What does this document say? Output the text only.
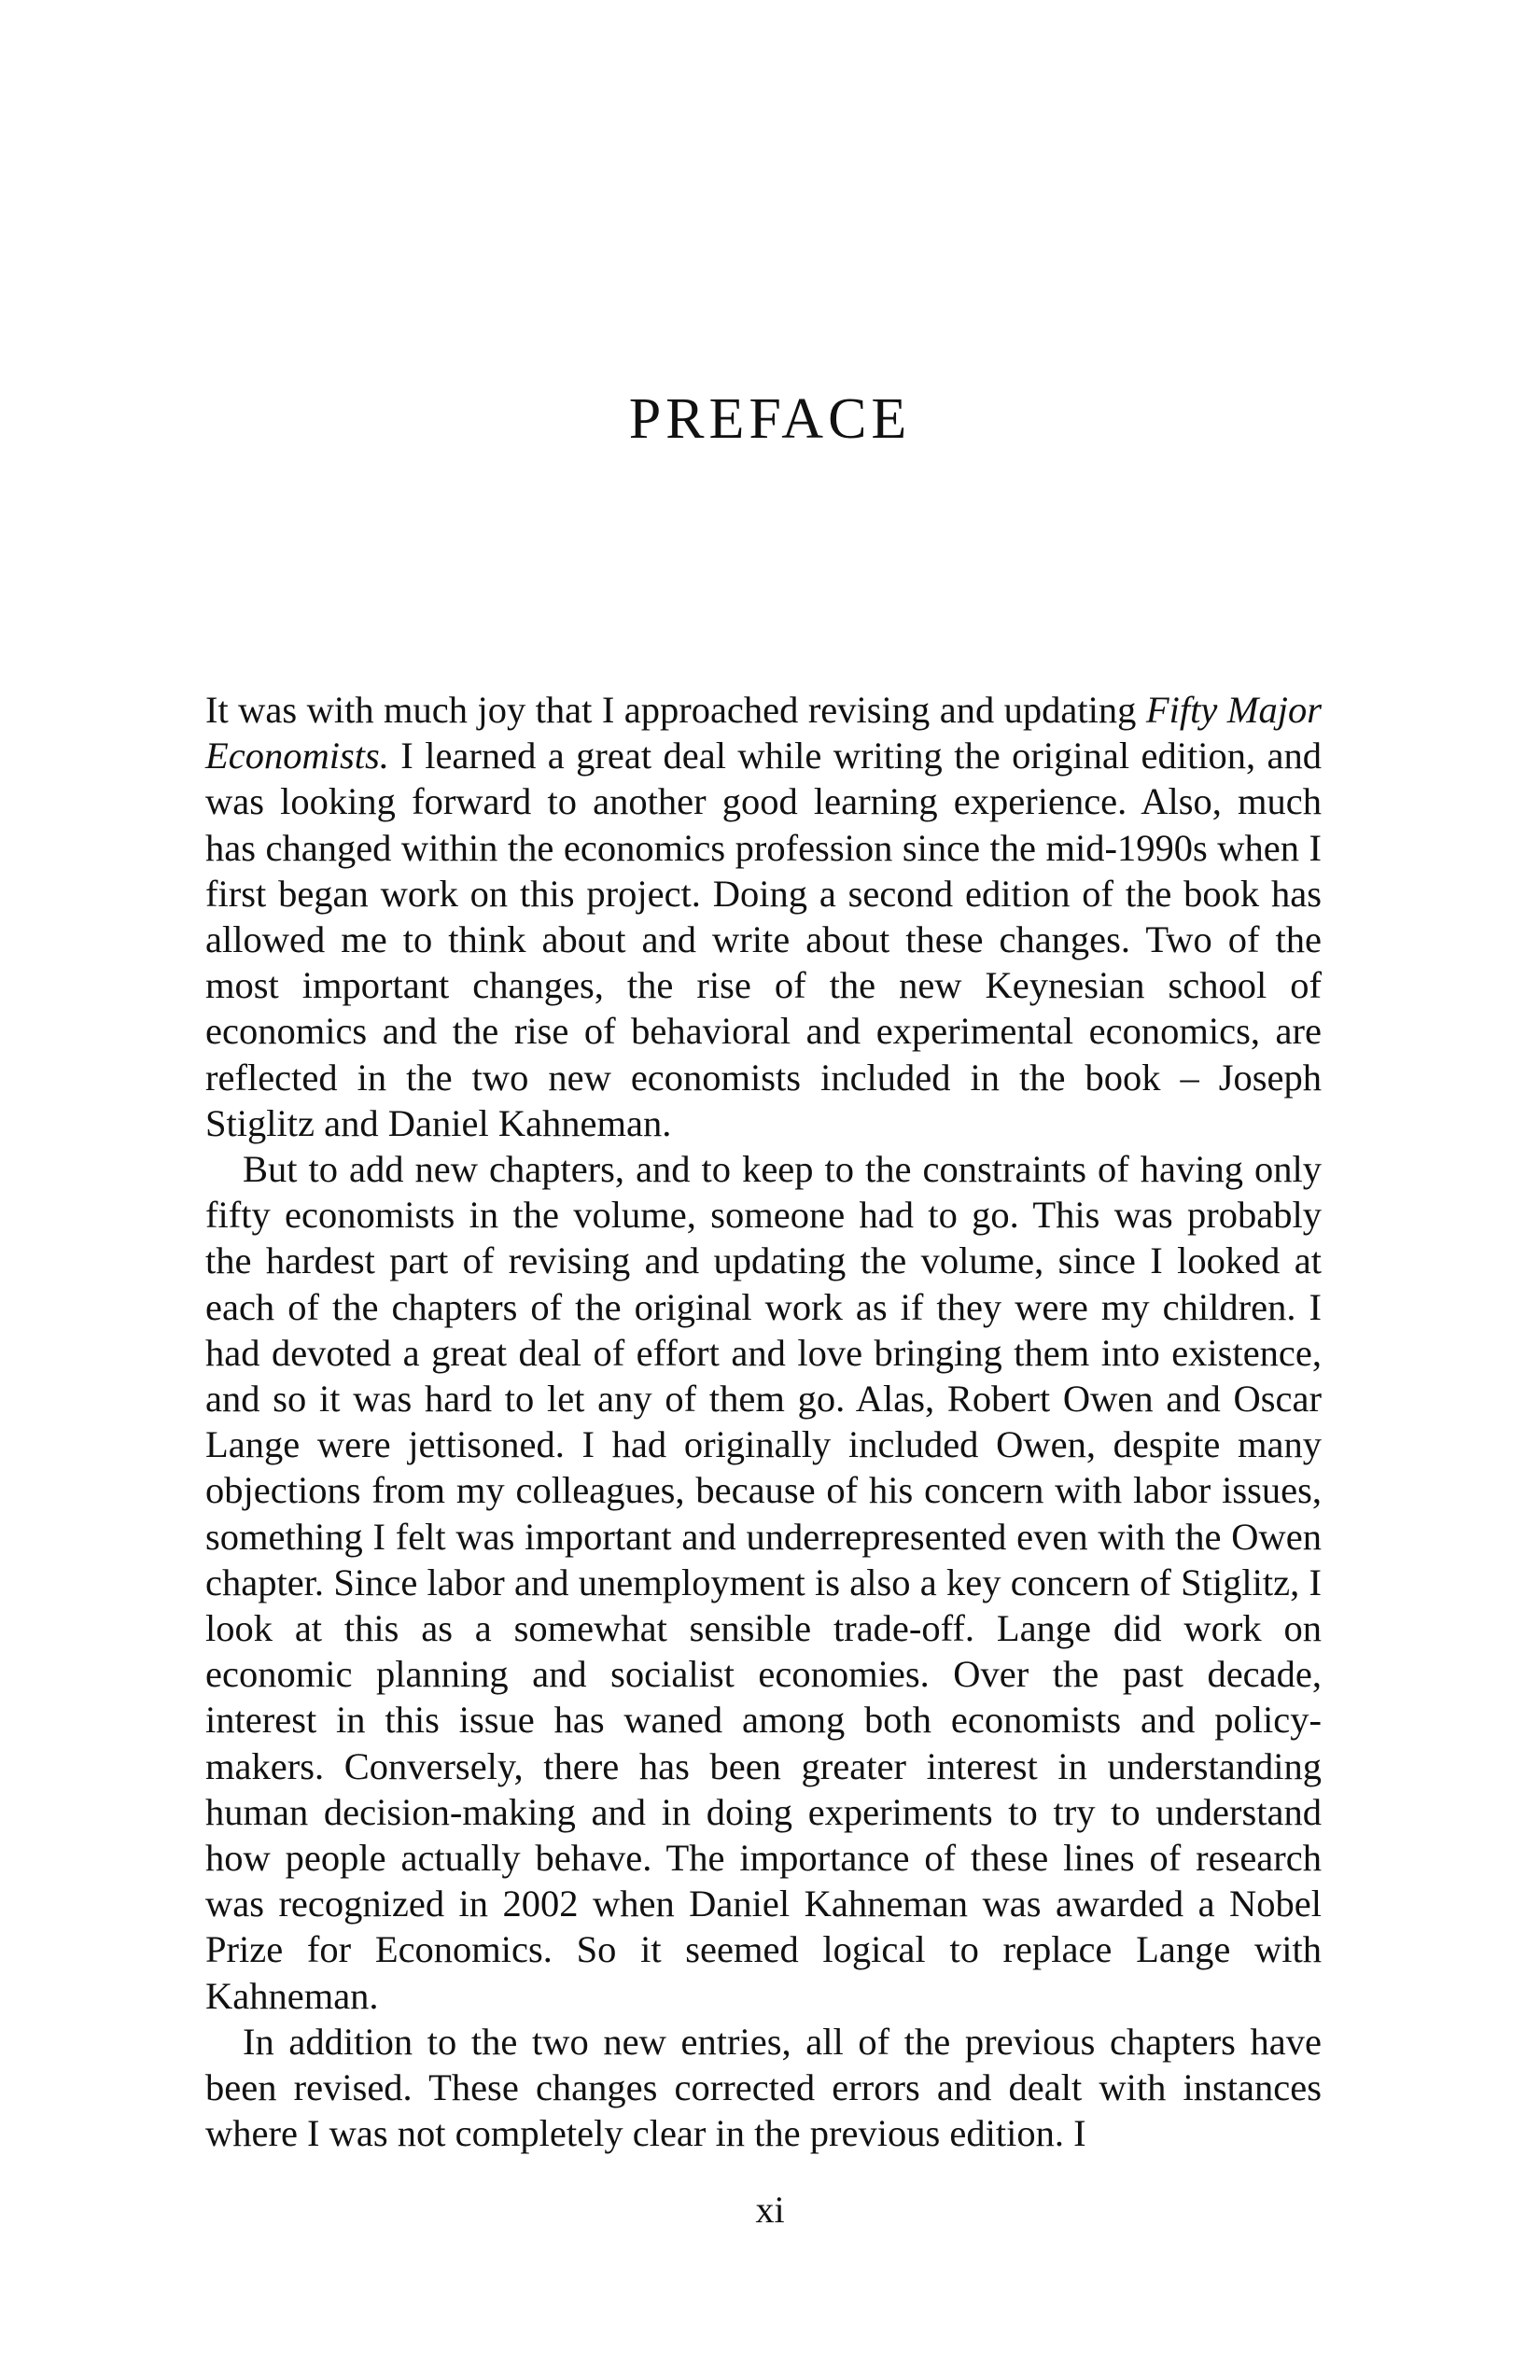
PREFACE

It was with much joy that I approached revising and updating Fifty Major Economists. I learned a great deal while writing the original edition, and was looking forward to another good learning experience. Also, much has changed within the economics profession since the mid-1990s when I first began work on this project. Doing a second edition of the book has allowed me to think about and write about these changes. Two of the most important changes, the rise of the new Keynesian school of economics and the rise of behavioral and experimental economics, are reflected in the two new economists included in the book – Joseph Stiglitz and Daniel Kahneman.

But to add new chapters, and to keep to the constraints of having only fifty economists in the volume, someone had to go. This was probably the hardest part of revising and updating the volume, since I looked at each of the chapters of the original work as if they were my children. I had devoted a great deal of effort and love bringing them into existence, and so it was hard to let any of them go. Alas, Robert Owen and Oscar Lange were jettisoned. I had originally included Owen, despite many objections from my colleagues, because of his concern with labor issues, something I felt was important and underrepresented even with the Owen chapter. Since labor and unemployment is also a key concern of Stiglitz, I look at this as a somewhat sensible trade-off. Lange did work on economic planning and socialist economies. Over the past decade, interest in this issue has waned among both economists and policy-makers. Conversely, there has been greater interest in understanding human decision-making and in doing experiments to try to understand how people actually behave. The importance of these lines of research was recognized in 2002 when Daniel Kahneman was awarded a Nobel Prize for Economics. So it seemed logical to replace Lange with Kahneman.

In addition to the two new entries, all of the previous chapters have been revised. These changes corrected errors and dealt with instances where I was not completely clear in the previous edition. I

xi
